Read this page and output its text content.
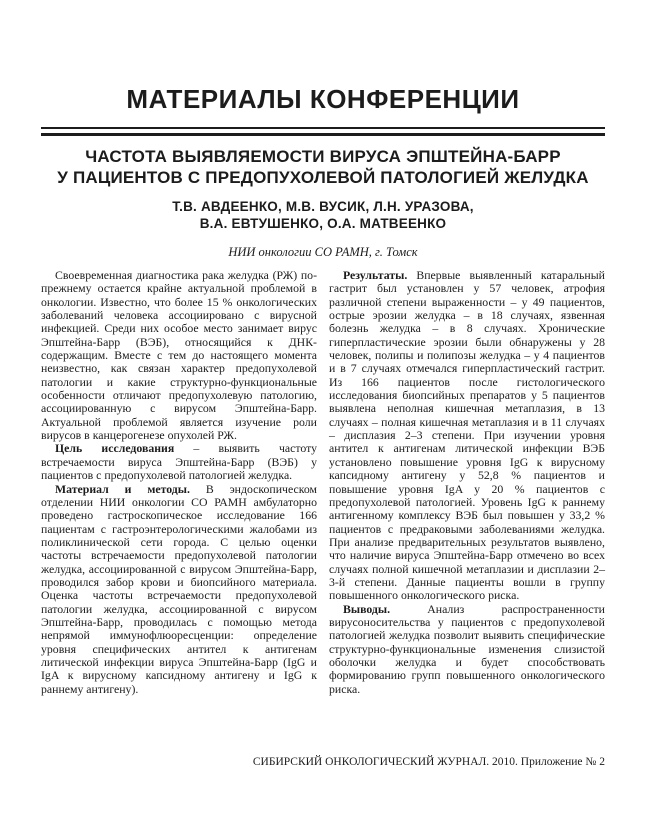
МАТЕРИАЛЫ КОНФЕРЕНЦИИ
ЧАСТОТА ВЫЯВЛЯЕМОСТИ ВИРУСА ЭПШТЕЙНА-БАРР
У ПАЦИЕНТОВ С ПРЕДОПУХОЛЕВОЙ ПАТОЛОГИЕЙ ЖЕЛУДКА
Т.В. АВДЕЕНКО, М.В. ВУСИК, Л.Н. УРАЗОВА,
В.А. ЕВТУШЕНКО, О.А. МАТВЕЕНКО
НИИ онкологии СО РАМН, г. Томск

Своевременная диагностика рака желудка (РЖ) по-прежнему остается крайне актуальной проблемой в онкологии. Известно, что более 15 % онкологических заболеваний человека ассоциировано с вирусной инфекцией. Среди них особое место занимает вирус Эпштейна-Барр (ВЭБ), относящийся к ДНК-содержащим. Вместе с тем до настоящего момента неизвестно, как связан характер предопухолевой патологии и какие структурно-функциональные особенности отличают предопухолевую патологию, ассоциированную с вирусом Эпштейна-Барр. Актуальной проблемой является изучение роли вирусов в канцерогенезе опухолей РЖ.

Цель исследования – выявить частоту встречаемости вируса Эпштейна-Барр (ВЭБ) у пациентов с предопухолевой патологией желудка.

Материал и методы. В эндоскопическом отделении НИИ онкологии СО РАМН амбулаторно проведено гастроскопическое исследование 166 пациентам с гастроэнтерологическими жалобами из поликлинической сети города. С целью оценки частоты встречаемости предопухолевой патологии желудка, ассоциированной с вирусом Эпштейна-Барр, проводился забор крови и биопсийного материала. Оценка частоты встречаемости предопухолевой патологии желудка, ассоциированной с вирусом Эпштейна-Барр, проводилась с помощью метода непрямой иммунофлюоресценции: определение уровня специфических антител к антигенам литической инфекции вируса Эпштейна-Барр (IgG и IgA к вирусному капсидному антигену и IgG к раннему антигену).

Результаты. Впервые выявленный катаральный гастрит был установлен у 57 человек, атрофия различной степени выраженности – у 49 пациентов, острые эрозии желудка – в 18 случаях, язвенная болезнь желудка – в 8 случаях. Хронические гиперпластические эрозии были обнаружены у 28 человек, полипы и полипозы желудка – у 4 пациентов и в 7 случаях отмечался гиперпластический гастрит. Из 166 пациентов после гистологического исследования биопсийных препаратов у 5 пациентов выявлена неполная кишечная метаплазия, в 13 случаях – полная кишечная метаплазия и в 11 случаях – дисплазия 2–3 степени. При изучении уровня антител к антигенам литической инфекции ВЭБ установлено повышение уровня IgG к вирусному капсидному антигену у 52,8 % пациентов и повышение уровня IgA у 20 % пациентов с предопухолевой патологией. Уровень IgG к раннему антигенному комплексу ВЭБ был повышен у 33,2 % пациентов с предраковыми заболеваниями желудка. При анализе предварительных результатов выявлено, что наличие вируса Эпштейна-Барр отмечено во всех случаях полной кишечной метаплазии и дисплазии 2–3-й степени. Данные пациенты вошли в группу повышенного онкологического риска.

Выводы. Анализ распространенности вирусоносительства у пациентов с предопухолевой патологией желудка позволит выявить специфические структурно-функциональные изменения слизистой оболочки желудка и будет способствовать формированию групп повышенного онкологического риска.

СИБИРСКИЙ ОНКОЛОГИЧЕСКИЙ ЖУРНАЛ. 2010. Приложение № 2
